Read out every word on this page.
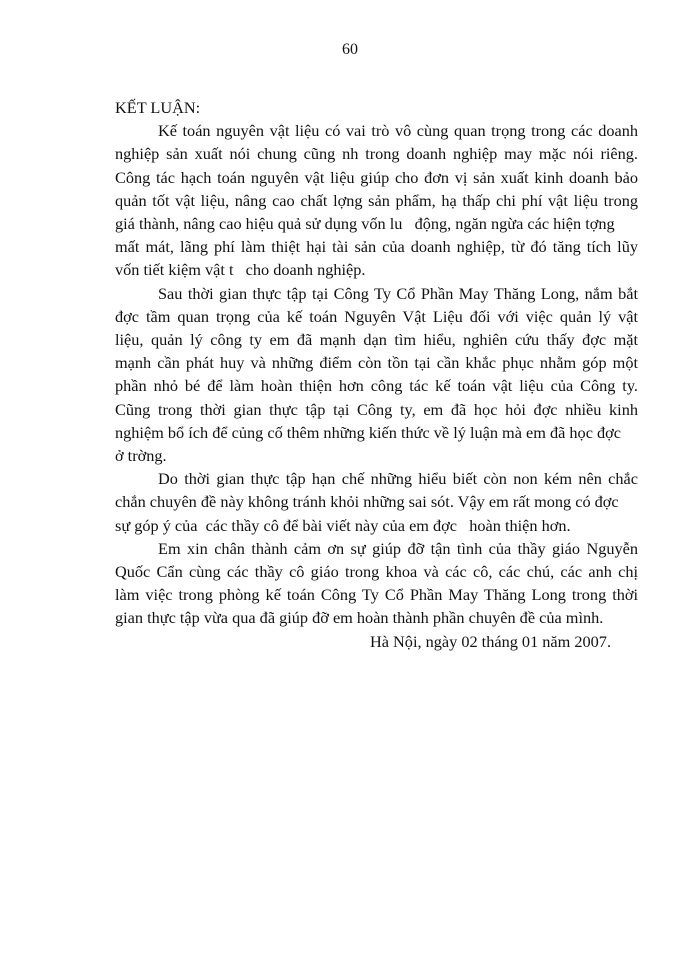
60

KẾT LUẬN:

Kế toán nguyên vật liệu có vai trò vô cùng quan trọng trong các doanh
nghiệp sản xuất nói chung cũng nh trong doanh nghiệp may mặc nói riêng.
Công tác hạch toán nguyên vật liệu giúp cho đơn vị sản xuất kinh doanh bảo
quản tốt vật liệu, nâng cao chất lợng sản phẩm, hạ thấp chi phí vật liệu trong
giá thành, nâng cao hiệu quả sử dụng vốn lu   động, ngăn ngừa các hiện tợng
mất mát, lãng phí làm thiệt hại tài sản của doanh nghiệp, từ đó tăng tích lũy
vốn tiết kiệm vật t   cho doanh nghiệp.

Sau thời gian thực tập tại Công Ty Cổ Phần May Thăng Long, nắm bắt
đợc tầm quan trọng của kế toán Nguyên Vật Liệu đối với việc quản lý vật
liệu, quản lý công ty em đã mạnh dạn tìm hiểu, nghiên cứu thấy đợc mặt
mạnh cần phát huy và những điểm còn tồn tại cần khắc phục nhằm góp một
phần nhỏ bé để làm hoàn thiện hơn công tác kế toán vật liệu của Công ty.
Cũng trong thời gian thực tập tại Công ty, em đã học hỏi đợc nhiều kinh
nghiệm bổ ích để củng cố thêm những kiến thức về lý luận mà em đã học đợc
ở trờng.

Do thời gian thực tập hạn chế những hiểu biết còn non kém nên chắc
chắn chuyên đề này không tránh khỏi những sai sót. Vậy em rất mong có đợc
sự góp ý của  các thầy cô để bài viết này của em đợc   hoàn thiện hơn.

Em xin chân thành cảm ơn sự giúp đỡ tận tình của thầy giáo Nguyễn
Quốc Cẩn cùng các thầy cô giáo trong khoa và các cô, các chú, các anh chị
làm việc trong phòng kế toán Công Ty Cổ Phần May Thăng Long trong thời
gian thực tập vừa qua đã giúp đỡ em hoàn thành phần chuyên đề của mình.

Hà Nội, ngày 02 tháng 01 năm 2007.
